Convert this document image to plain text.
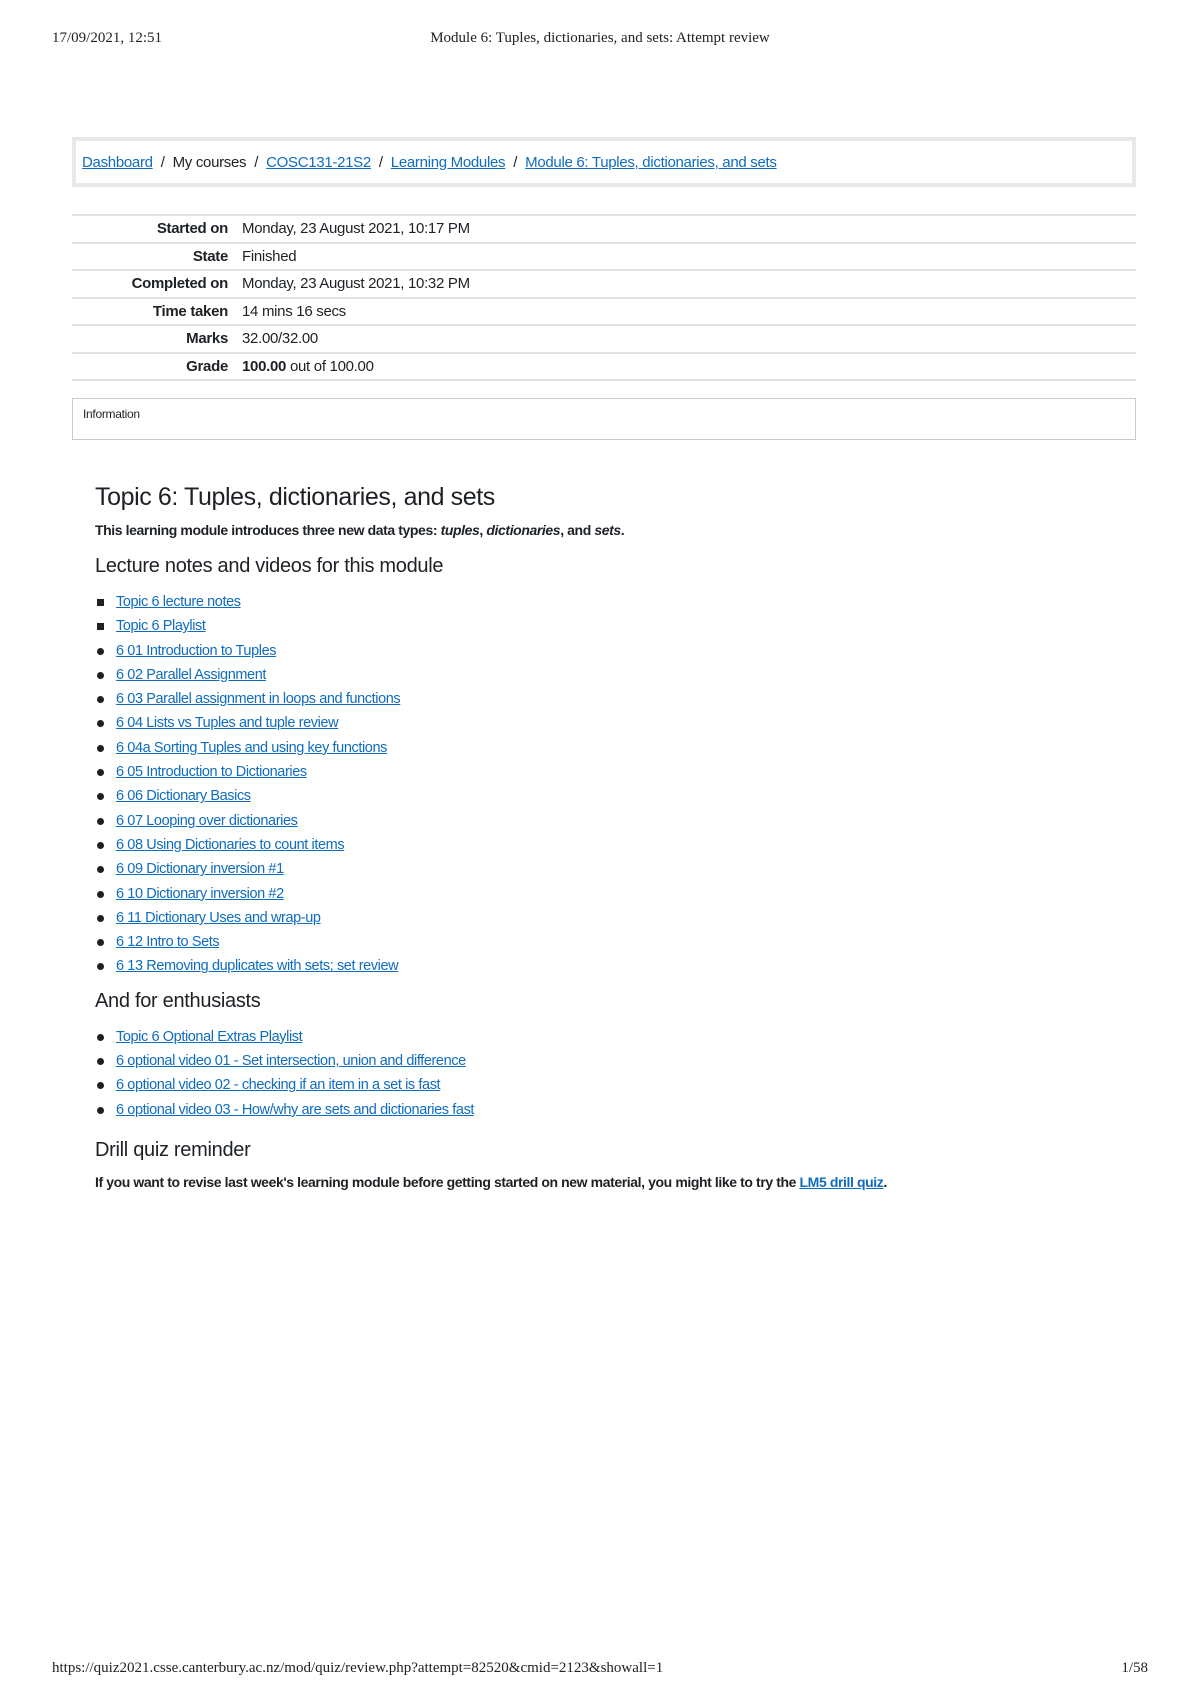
17/09/2021, 12:51	Module 6: Tuples, dictionaries, and sets: Attempt review
Dashboard / My courses / COSC131-21S2 / Learning Modules / Module 6: Tuples, dictionaries, and sets
Started on	Monday, 23 August 2021, 10:17 PM
State	Finished
Completed on	Monday, 23 August 2021, 10:32 PM
Time taken	14 mins 16 secs
Marks	32.00/32.00
Grade	100.00 out of 100.00
Information
Topic 6: Tuples, dictionaries, and sets

This learning module introduces three new data types: tuples, dictionaries, and sets.

Lecture notes and videos for this module
Topic 6 lecture notes
Topic 6 Playlist
6 01 Introduction to Tuples
6 02 Parallel Assignment
6 03 Parallel assignment in loops and functions
6 04 Lists vs Tuples and tuple review
6 04a Sorting Tuples and using key functions
6 05 Introduction to Dictionaries
6 06 Dictionary Basics
6 07 Looping over dictionaries
6 08 Using Dictionaries to count items
6 09 Dictionary inversion #1
6 10 Dictionary inversion #2
6 11 Dictionary Uses and wrap-up
6 12 Intro to Sets
6 13 Removing duplicates with sets; set review
And for enthusiasts
Topic 6 Optional Extras Playlist
6 optional video 01 - Set intersection, union and difference
6 optional video 02 - checking if an item in a set is fast
6 optional video 03 - How/why are sets and dictionaries fast
Drill quiz reminder

If you want to revise last week's learning module before getting started on new material, you might like to try the LM5 drill quiz.

https://quiz2021.csse.canterbury.ac.nz/mod/quiz/review.php?attempt=82520&cmid=2123&showall=1	1/58
